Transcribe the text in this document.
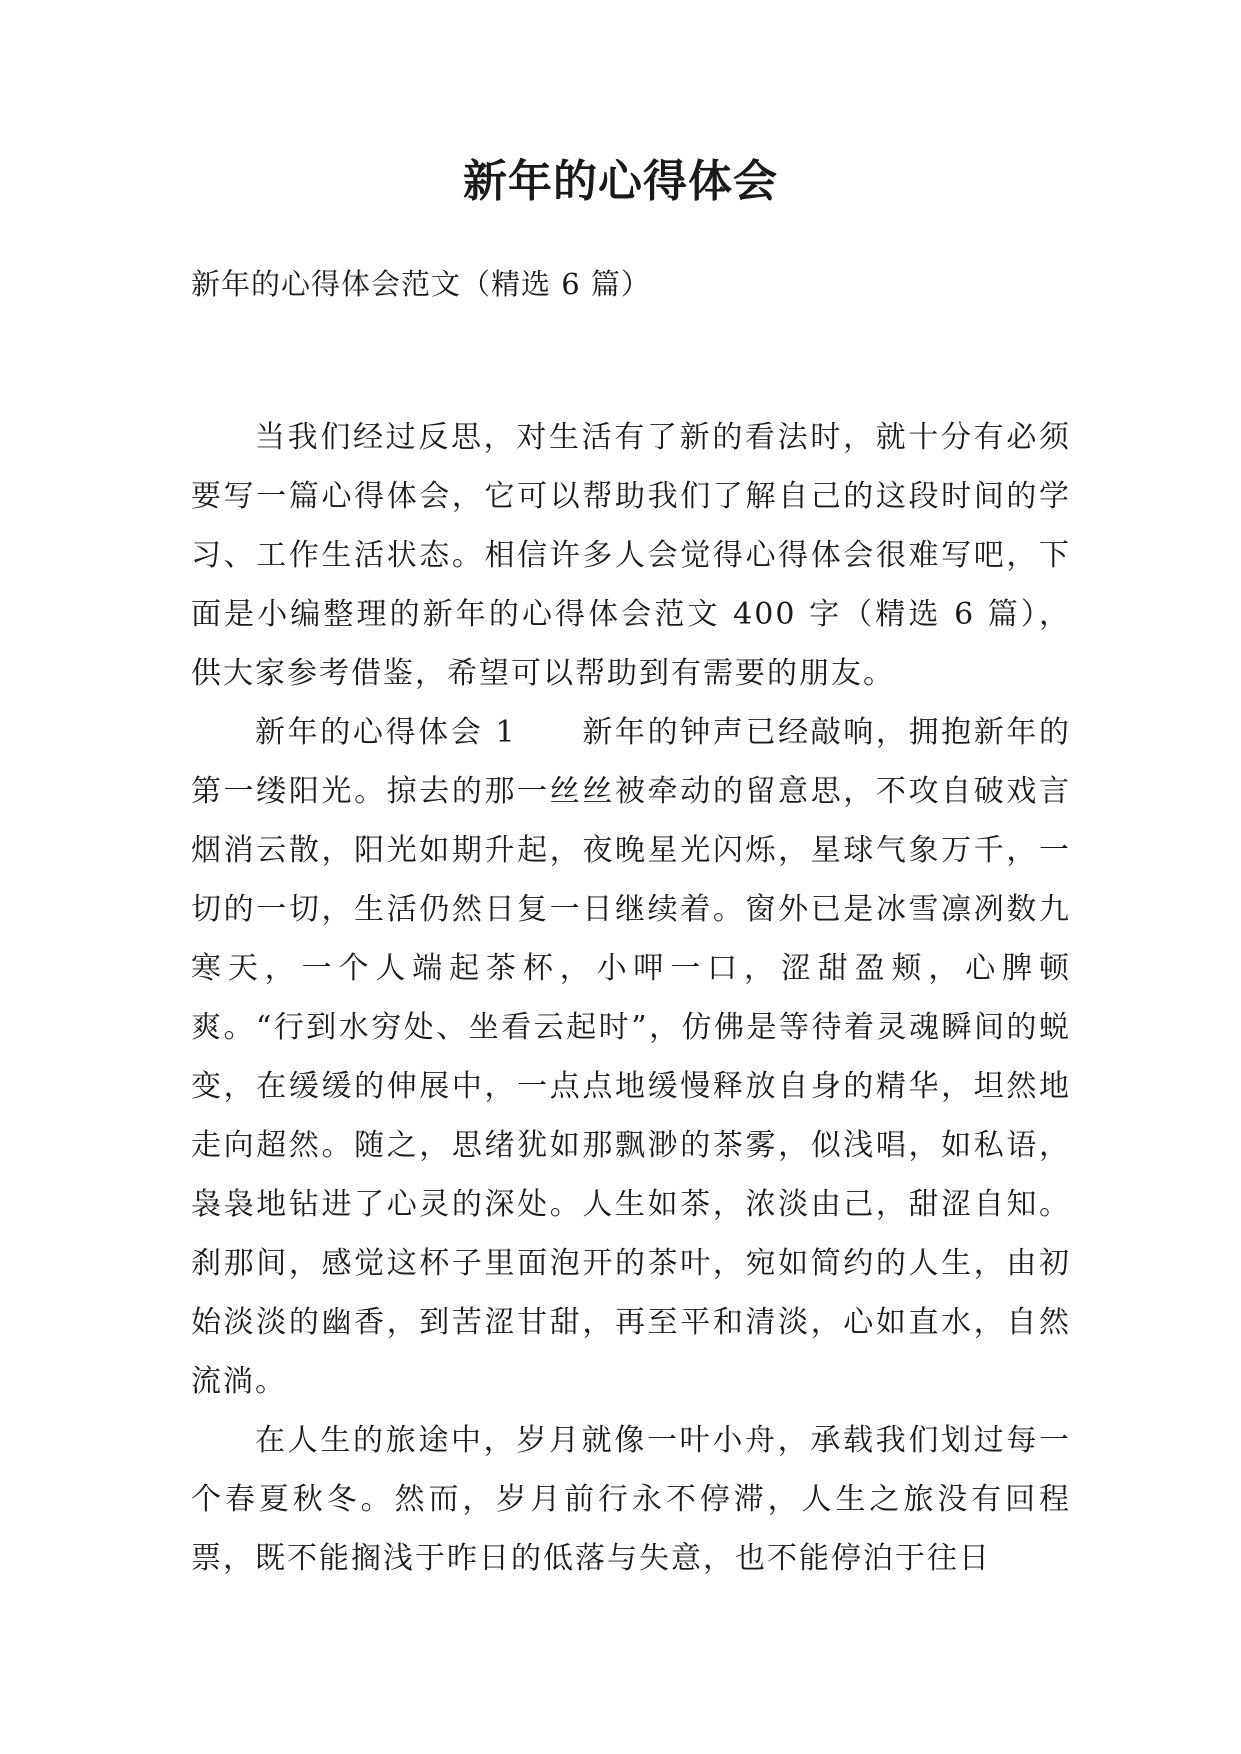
新年的心得体会

新年的心得体会范文（精选 6 篇）

当我们经过反思，对生活有了新的看法时，就十分有必须要写一篇心得体会，它可以帮助我们了解自己的这段时间的学习、工作生活状态。相信许多人会觉得心得体会很难写吧，下面是小编整理的新年的心得体会范文 400 字（精选 6 篇），供大家参考借鉴，希望可以帮助到有需要的朋友。

新年的心得体会 1　　新年的钟声已经敲响，拥抱新年的第一缕阳光。掠去的那一丝丝被牵动的留意思，不攻自破戏言烟消云散，阳光如期升起，夜晚星光闪烁，星球气象万千，一切的一切，生活仍然日复一日继续着。窗外已是冰雪凛冽数九寒天，一个人端起茶杯，小呷一口，涩甜盈颊，心脾顿爽。“行到水穷处、坐看云起时”，仿佛是等待着灵魂瞬间的蜕变，在缓缓的伸展中，一点点地缓慢释放自身的精华，坦然地走向超然。随之，思绪犹如那飘渺的茶雾，似浅唱，如私语，袅袅地钻进了心灵的深处。人生如茶，浓淡由己，甜涩自知。刹那间，感觉这杯子里面泡开的茶叶，宛如简约的人生，由初始淡淡的幽香，到苦涩甘甜，再至平和清淡，心如直水，自然流淌。

在人生的旅途中，岁月就像一叶小舟，承载我们划过每一个春夏秋冬。然而，岁月前行永不停滞，人生之旅没有回程票，既不能搁浅于昨日的低落与失意，也不能停泊于往日
